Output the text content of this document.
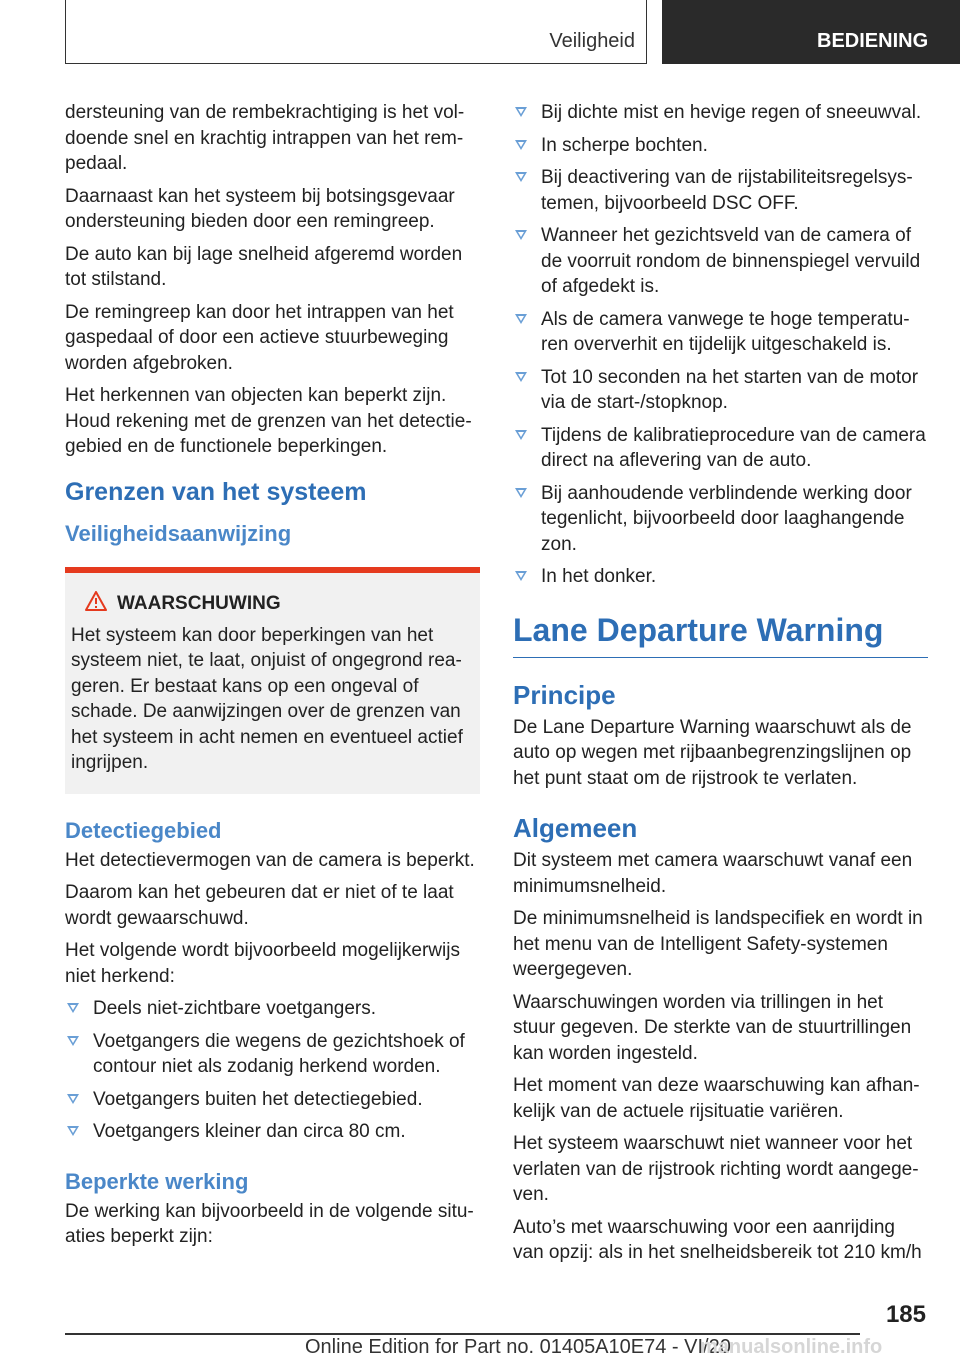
Veiligheid	BEDIENING

dersteuning van de rembekrachtiging is het vol-doende snel en krachtig intrappen van het rem-pedaal.

Daarnaast kan het systeem bij botsingsgevaar ondersteuning bieden door een remingreep.

De auto kan bij lage snelheid afgeremd worden tot stilstand.

De remingreep kan door het intrappen van het gaspedaal of door een actieve stuurbeweging worden afgebroken.

Het herkennen van objecten kan beperkt zijn. Houd rekening met de grenzen van het detectie-gebied en de functionele beperkingen.

Grenzen van het systeem
Veiligheidsaanwijzing
WAARSCHUWING

Het systeem kan door beperkingen van het systeem niet, te laat, onjuist of ongegrond rea-geren. Er bestaat kans op een ongeval of schade. De aanwijzingen over de grenzen van het systeem in acht nemen en eventueel actief ingrijpen.

Detectiegebied

Het detectievermogen van de camera is beperkt.

Daarom kan het gebeuren dat er niet of te laat wordt gewaarschuwd.

Het volgende wordt bijvoorbeeld mogelijkerwijs niet herkend:

Deels niet-zichtbare voetgangers.
Voetgangers die wegens de gezichtshoek of contour niet als zodanig herkend worden.
Voetgangers buiten het detectiegebied.
Voetgangers kleiner dan circa 80 cm.
Beperkte werking

De werking kan bijvoorbeeld in de volgende situ-aties beperkt zijn:

Bij dichte mist en hevige regen of sneeuwval.
In scherpe bochten.
Bij deactivering van de rijstabiliteitsregelsys-temen, bijvoorbeeld DSC OFF.
Wanneer het gezichtsveld van de camera of de voorruit rondom de binnenspiegel vervuild of afgedekt is.
Als de camera vanwege te hoge temperatu-ren oververhit en tijdelijk uitgeschakeld is.
Tot 10 seconden na het starten van de motor via de start-/stopknop.
Tijdens de kalibratieprocedure van de camera direct na aflevering van de auto.
Bij aanhoudende verblindende werking door tegenlicht, bijvoorbeeld door laaghangende zon.
In het donker.
Lane Departure Warning
Principe

De Lane Departure Warning waarschuwt als de auto op wegen met rijbaanbegrenzingslijnen op het punt staat om de rijstrook te verlaten.

Algemeen

Dit systeem met camera waarschuwt vanaf een minimumsnelheid.

De minimumsnelheid is landspecifiek en wordt in het menu van de Intelligent Safety-systemen weergegeven.

Waarschuwingen worden via trillingen in het stuur gegeven. De sterkte van de stuurtrillingen kan worden ingesteld.

Het moment van deze waarschuwing kan afhan-kelijk van de actuele rijsituatie variëren.

Het systeem waarschuwt niet wanneer voor het verlaten van de rijstrook richting wordt aangege-ven.

Auto’s met waarschuwing voor een aanrijding van opzij: als in het snelheidsbereik tot 210 km/h

185
Online Edition for Part no. 01405A10E74 - VI/20
manualsonline.info
